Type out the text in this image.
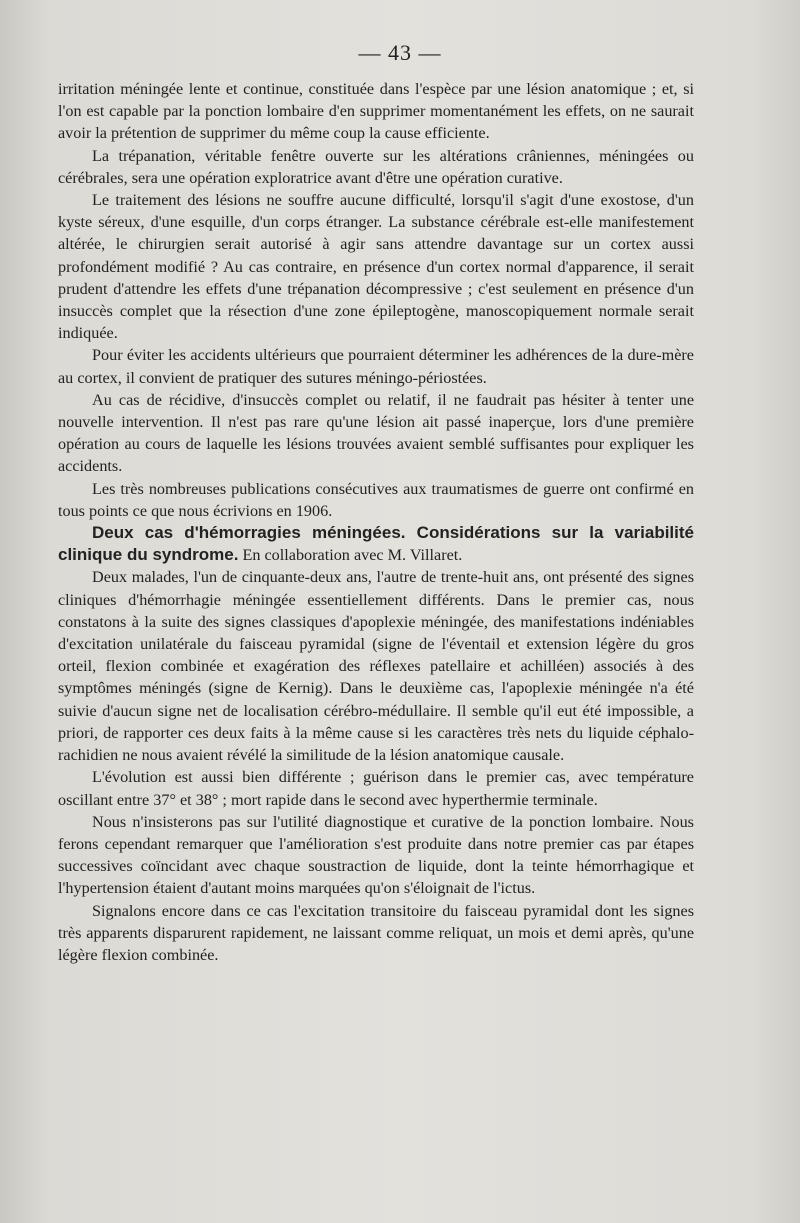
— 43 —

irritation méningée lente et continue, constituée dans l'espèce par une lésion anatomique ; et, si l'on est capable par la ponction lombaire d'en supprimer momentanément les effets, on ne saurait avoir la prétention de supprimer du même coup la cause efficiente.

La trépanation, véritable fenêtre ouverte sur les altérations crâniennes, méningées ou cérébrales, sera une opération exploratrice avant d'être une opération curative.

Le traitement des lésions ne souffre aucune difficulté, lorsqu'il s'agit d'une exostose, d'un kyste séreux, d'une esquille, d'un corps étranger. La substance cérébrale est-elle manifestement altérée, le chirurgien serait autorisé à agir sans attendre davantage sur un cortex aussi profondément modifié ? Au cas contraire, en présence d'un cortex normal d'apparence, il serait prudent d'attendre les effets d'une trépanation décompressive ; c'est seulement en présence d'un insuccès complet que la résection d'une zone épileptogène, manoscopiquement normale serait indiquée.

Pour éviter les accidents ultérieurs que pourraient déterminer les adhérences de la dure-mère au cortex, il convient de pratiquer des sutures méningo-périostées.

Au cas de récidive, d'insuccès complet ou relatif, il ne faudrait pas hésiter à tenter une nouvelle intervention. Il n'est pas rare qu'une lésion ait passé inaperçue, lors d'une première opération au cours de laquelle les lésions trouvées avaient semblé suffisantes pour expliquer les accidents.

Les très nombreuses publications consécutives aux traumatismes de guerre ont confirmé en tous points ce que nous écrivions en 1906.

Deux cas d'hémorragies méningées. Considérations sur la variabilité clinique du syndrome. En collaboration avec M. Villaret.

Deux malades, l'un de cinquante-deux ans, l'autre de trente-huit ans, ont présenté des signes cliniques d'hémorrhagie méningée essentiellement différents. Dans le premier cas, nous constatons à la suite des signes classiques d'apoplexie méningée, des manifestations indéniables d'excitation unilatérale du faisceau pyramidal (signe de l'éventail et extension légère du gros orteil, flexion combinée et exagération des réflexes patellaire et achilléen) associés à des symptômes méningés (signe de Kernig). Dans le deuxième cas, l'apoplexie méningée n'a été suivie d'aucun signe net de localisation cérébro-médullaire. Il semble qu'il eut été impossible, a priori, de rapporter ces deux faits à la même cause si les caractères très nets du liquide céphalo-rachidien ne nous avaient révélé la similitude de la lésion anatomique causale.

L'évolution est aussi bien différente ; guérison dans le premier cas, avec température oscillant entre 37° et 38° ; mort rapide dans le second avec hyperthermie terminale.

Nous n'insisterons pas sur l'utilité diagnostique et curative de la ponction lombaire. Nous ferons cependant remarquer que l'amélioration s'est produite dans notre premier cas par étapes successives coïncidant avec chaque soustraction de liquide, dont la teinte hémorrhagique et l'hypertension étaient d'autant moins marquées qu'on s'éloignait de l'ictus.

Signalons encore dans ce cas l'excitation transitoire du faisceau pyramidal dont les signes très apparents disparurent rapidement, ne laissant comme reliquat, un mois et demi après, qu'une légère flexion combinée.
